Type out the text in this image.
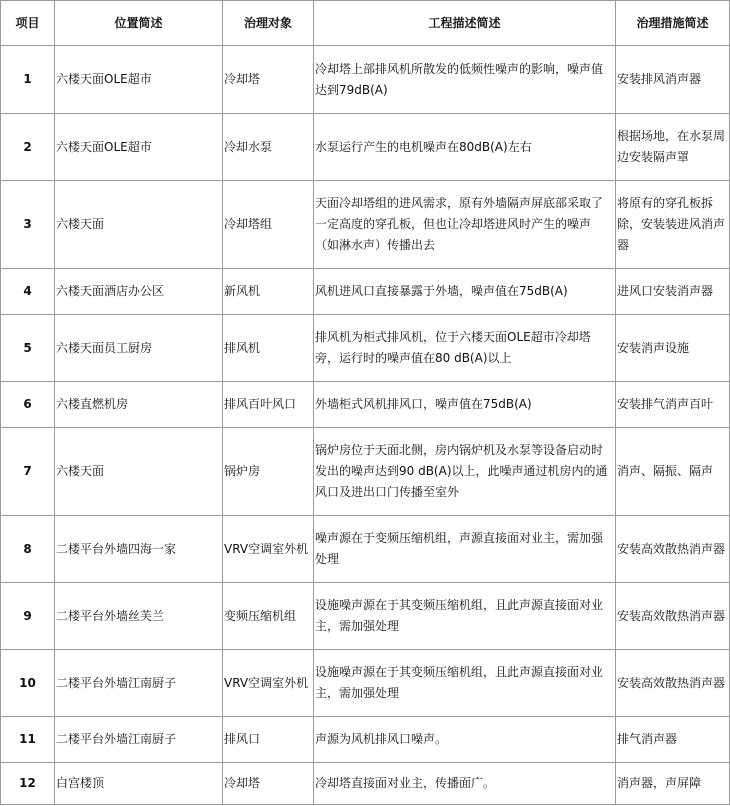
项目	位置简述	治理对象	工程描述简述	治理措施简述
1	六楼天面OLE超市	冷却塔	冷却塔上部排风机所散发的低频性噪声的影响，噪声值达到79dB(A)	安装排风消声器
2	六楼天面OLE超市	冷却水泵	水泵运行产生的电机噪声在80dB(A)左右	根据场地，在水泵周边安装隔声罩
3	六楼天面	冷却塔组	天面冷却塔组的进风需求，原有外墙隔声屏底部采取了一定高度的穿孔板，但也让冷却塔进风时产生的噪声（如淋水声）传播出去	将原有的穿孔板拆除，安装装进风消声器
4	六楼天面酒店办公区	新风机	风机进风口直接暴露于外墙，噪声值在75dB(A)	进风口安装消声器
5	六楼天面员工厨房	排风机	排风机为柜式排风机，位于六楼天面OLE超市冷却塔旁，运行时的噪声值在80 dB(A)以上	安装消声设施
6	六楼直燃机房	排风百叶风口	外墙柜式风机排风口，噪声值在75dB(A)	安装排气消声百叶
7	六楼天面	锅炉房	锅炉房位于天面北侧，房内锅炉机及水泵等设备启动时发出的噪声达到90 dB(A)以上，此噪声通过机房内的通风口及进出口门传播至室外	消声、隔振、隔声
8	二楼平台外墙四海一家	VRV空调室外机	噪声源在于变频压缩机组，声源直接面对业主，需加强处理	安装高效散热消声器
9	二楼平台外墙丝芙兰	变频压缩机组	设施噪声源在于其变频压缩机组，且此声源直接面对业主，需加强处理	安装高效散热消声器
10	二楼平台外墙江南厨子	VRV空调室外机	设施噪声源在于其变频压缩机组，且此声源直接面对业主，需加强处理	安装高效散热消声器
11	二楼平台外墙江南厨子	排风口	声源为风机排风口噪声。	排气消声器
12	白宫楼顶	冷却塔	冷却塔直接面对业主，传播面广。	消声器，声屏障
